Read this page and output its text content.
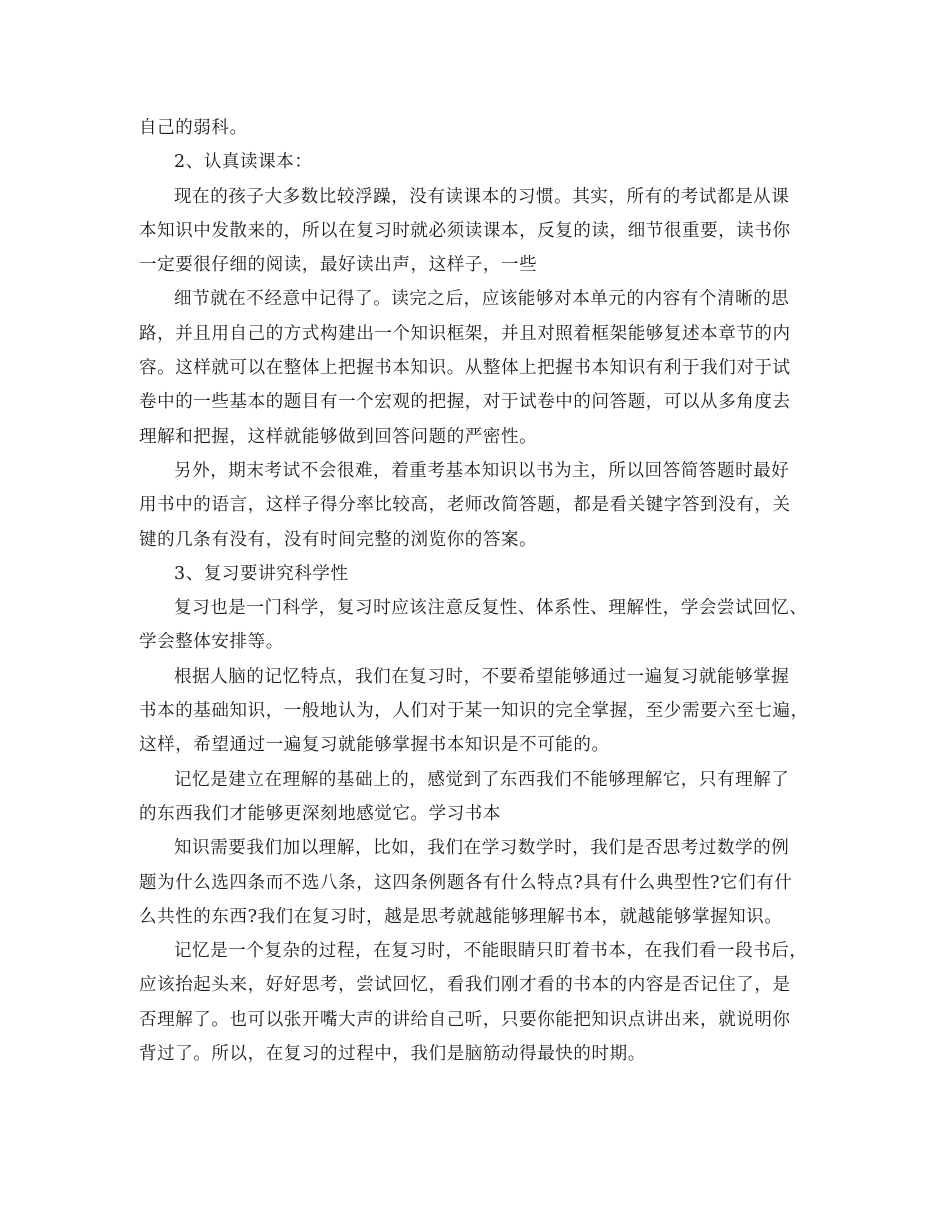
自己的弱科。
2、认真读课本：
现在的孩子大多数比较浮躁，没有读课本的习惯。其实，所有的考试都是从课
本知识中发散来的，所以在复习时就必须读课本，反复的读，细节很重要，读书你
一定要很仔细的阅读，最好读出声，这样子，一些
细节就在不经意中记得了。读完之后，应该能够对本单元的内容有个清晰的思
路，并且用自己的方式构建出一个知识框架，并且对照着框架能够复述本章节的内
容。这样就可以在整体上把握书本知识。从整体上把握书本知识有利于我们对于试
卷中的一些基本的题目有一个宏观的把握，对于试卷中的问答题，可以从多角度去
理解和把握，这样就能够做到回答问题的严密性。
另外，期末考试不会很难，着重考基本知识以书为主，所以回答简答题时最好
用书中的语言，这样子得分率比较高，老师改简答题，都是看关键字答到没有，关
键的几条有没有，没有时间完整的浏览你的答案。
3、复习要讲究科学性
复习也是一门科学，复习时应该注意反复性、体系性、理解性，学会尝试回忆、
学会整体安排等。
根据人脑的记忆特点，我们在复习时，不要希望能够通过一遍复习就能够掌握
书本的基础知识，一般地认为，人们对于某一知识的完全掌握，至少需要六至七遍，
这样，希望通过一遍复习就能够掌握书本知识是不可能的。
记忆是建立在理解的基础上的，感觉到了东西我们不能够理解它，只有理解了
的东西我们才能够更深刻地感觉它。学习书本
知识需要我们加以理解，比如，我们在学习数学时，我们是否思考过数学的例
题为什么选四条而不选八条，这四条例题各有什么特点?具有什么典型性?它们有什
么共性的东西?我们在复习时，越是思考就越能够理解书本，就越能够掌握知识。
记忆是一个复杂的过程，在复习时，不能眼睛只盯着书本，在我们看一段书后，
应该抬起头来，好好思考，尝试回忆，看我们刚才看的书本的内容是否记住了，是
否理解了。也可以张开嘴大声的讲给自己听，只要你能把知识点讲出来，就说明你
背过了。所以，在复习的过程中，我们是脑筋动得最快的时期。
